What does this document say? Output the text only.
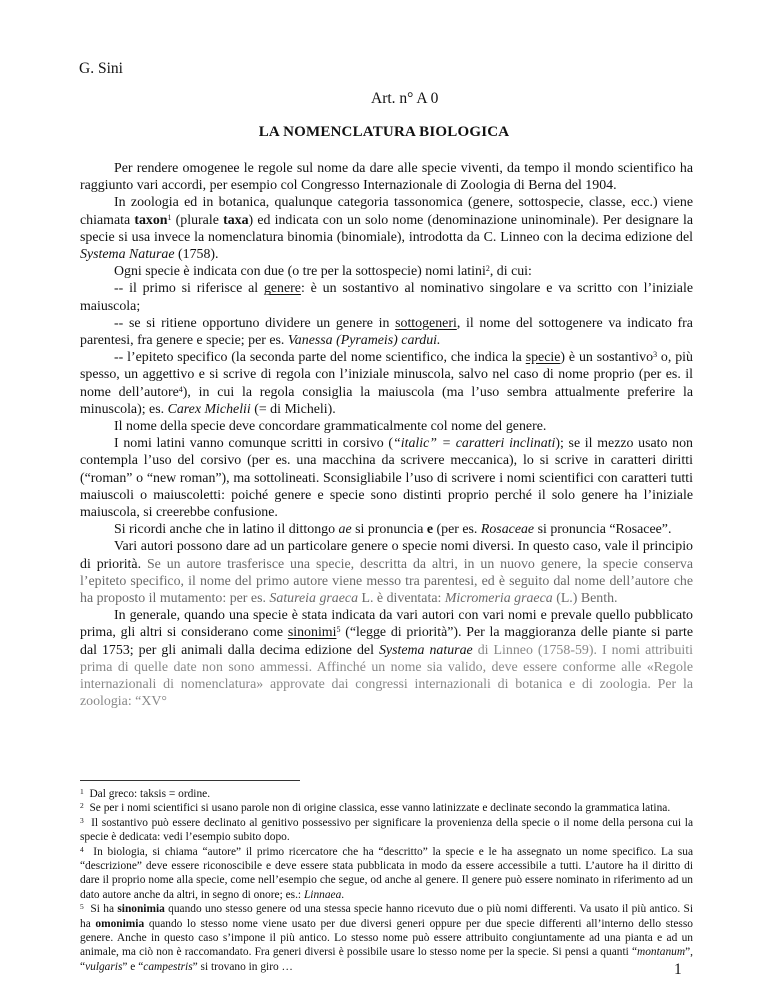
G. Sini
Art. n° A 0
LA NOMENCLATURA BIOLOGICA

Per rendere omogenee le regole sul nome da dare alle specie viventi, da tempo il mondo scientifico ha raggiunto vari accordi, per esempio col Congresso Internazionale di Zoologia di Berna del 1904.

In zoologia ed in botanica, qualunque categoria tassonomica (genere, sottospecie, classe, ecc.) viene chiamata taxon$^1$ (plurale taxa) ed indicata con un solo nome (denominazione uninominale). Per designare la specie si usa invece la nomenclatura binomia (binomiale), introdotta da C. Linneo con la decima edizione del Systema Naturae (1758).

Ogni specie è indicata con due (o tre per la sottospecie) nomi latini$^2$, di cui:

-- il primo si riferisce al genere: è un sostantivo al nominativo singolare e va scritto con l’iniziale maiuscola;

-- se si ritiene opportuno dividere un genere in sottogeneri, il nome del sottogenere va indicato fra parentesi, fra genere e specie; per es. Vanessa (Pyrameis) cardui.

-- l’epiteto specifico (la seconda parte del nome scientifico, che indica la specie) è un sostantivo$^3$ o, più spesso, un aggettivo e si scrive di regola con l’iniziale minuscola, salvo nel caso di nome proprio (per es. il nome dell’autore$^4$), in cui la regola consiglia la maiuscola (ma l’uso sembra attualmente preferire la minuscola); es. Carex Michelii (= di Micheli).

Il nome della specie deve concordare grammaticalmente col nome del genere.

I nomi latini vanno comunque scritti in corsivo (“italic” = caratteri inclinati); se il mezzo usato non contempla l’uso del corsivo (per es. una macchina da scrivere meccanica), lo si scrive in caratteri diritti (“roman” o “new roman”), ma sottolineati. Sconsigliabile l’uso di scrivere i nomi scientifici con caratteri tutti maiuscoli o maiuscoletti: poiché genere e specie sono distinti proprio perché il solo genere ha l’iniziale maiuscola, si creerebbe confusione.

Si ricordi anche che in latino il dittongo ae si pronuncia e (per es. Rosaceae si pronuncia “Rosacee”.

Vari autori possono dare ad un particolare genere o specie nomi diversi. In questo caso, vale il principio di priorità. Se un autore trasferisce una specie, descritta da altri, in un nuovo genere, la specie conserva l’epiteto specifico, il nome del primo autore viene messo tra parentesi, ed è seguito dal nome dell’autore che ha proposto il mutamento: per es. Satureia graeca L. è diventata: Micromeria graeca (L.) Benth.

In generale, quando una specie è stata indicata da vari autori con vari nomi e prevale quello pubblicato prima, gli altri si considerano come sinonimi$^5$ (“legge di priorità”). Per la maggioranza delle piante si parte dal 1753; per gli animali dalla decima edizione del Systema naturae di Linneo (1758-59). I nomi attribuiti prima di quelle date non sono ammessi. Affinché un nome sia valido, deve essere conforme alle «Regole internazionali di nomenclatura» approvate dai congressi internazionali di botanica e di zoologia. Per la zoologia: “XV°

$^1$ Dal greco: taksis = ordine.

$^2$ Se per i nomi scientifici si usano parole non di origine classica, esse vanno latinizzate e declinate secondo la grammatica latina.

$^3$ Il sostantivo può essere declinato al genitivo possessivo per significare la provenienza della specie o il nome della persona cui la specie è dedicata: vedi l’esempio subito dopo.

$^4$ In biologia, si chiama “autore” il primo ricercatore che ha “descritto” la specie e le ha assegnato un nome specifico. La sua “descrizione” deve essere riconoscibile e deve essere stata pubblicata in modo da essere accessibile a tutti. L’autore ha il diritto di dare il proprio nome alla specie, come nell’esempio che segue, od anche al genere. Il genere può essere nominato in riferimento ad un dato autore anche da altri, in segno di onore; es.: Linnaea.

$^5$ Si ha sinonimia quando uno stesso genere od una stessa specie hanno ricevuto due o più nomi differenti. Va usato il più antico. Si ha omonimia quando lo stesso nome viene usato per due diversi generi oppure per due specie differenti all’interno dello stesso genere. Anche in questo caso s’impone il più antico. Lo stesso nome può essere attribuito congiuntamente ad una pianta e ad un animale, ma ciò non è raccomandato. Fra generi diversi è possibile usare lo stesso nome per la specie. Si pensi a quanti “montanum”, “vulgaris” e “campestris” si trovano in giro …	1
